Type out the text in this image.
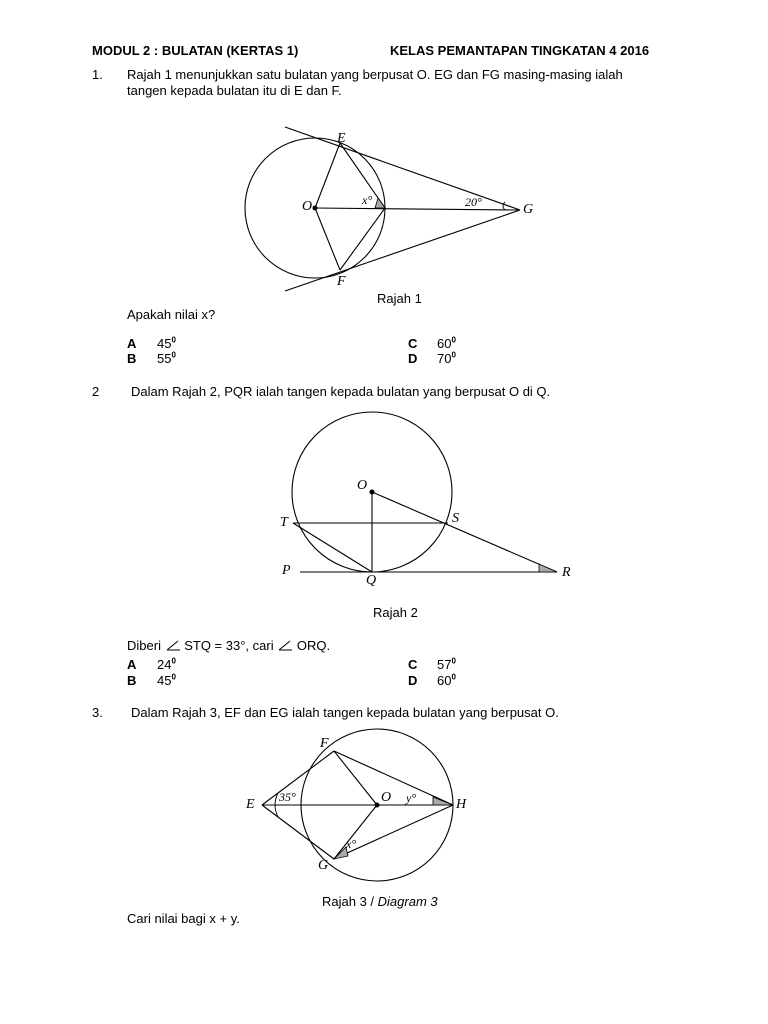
MODUL 2 : BULATAN (KERTAS 1)	KELAS PEMANTAPAN TINGKATAN 4 2016
1. Rajah 1 menunjukkan satu bulatan yang berpusat O. EG dan FG masing-masing ialah
tangen kepada bulatan itu di E dan F.
E
O
F
G
x°	20°
Rajah 1
Apakah nilai x?
A $45^0$
B $55^0$
C $60^0$
D $70^0$
2 Dalam Rajah 2, PQR ialah tangen kepada bulatan yang berpusat O di Q.
O
T	S
P
Q
R
Rajah 2
Diberi STQ = 33°, cari ORQ.
A $24^0$
B $45^0$
C $57^0$
D $60^0$
3. Dalam Rajah 3, EF dan EG ialah tangen kepada bulatan yang berpusat O.
F
E	O	H
G
35°	y°
x°
Rajah 3 / Diagram 3
Cari nilai bagi x + y.
